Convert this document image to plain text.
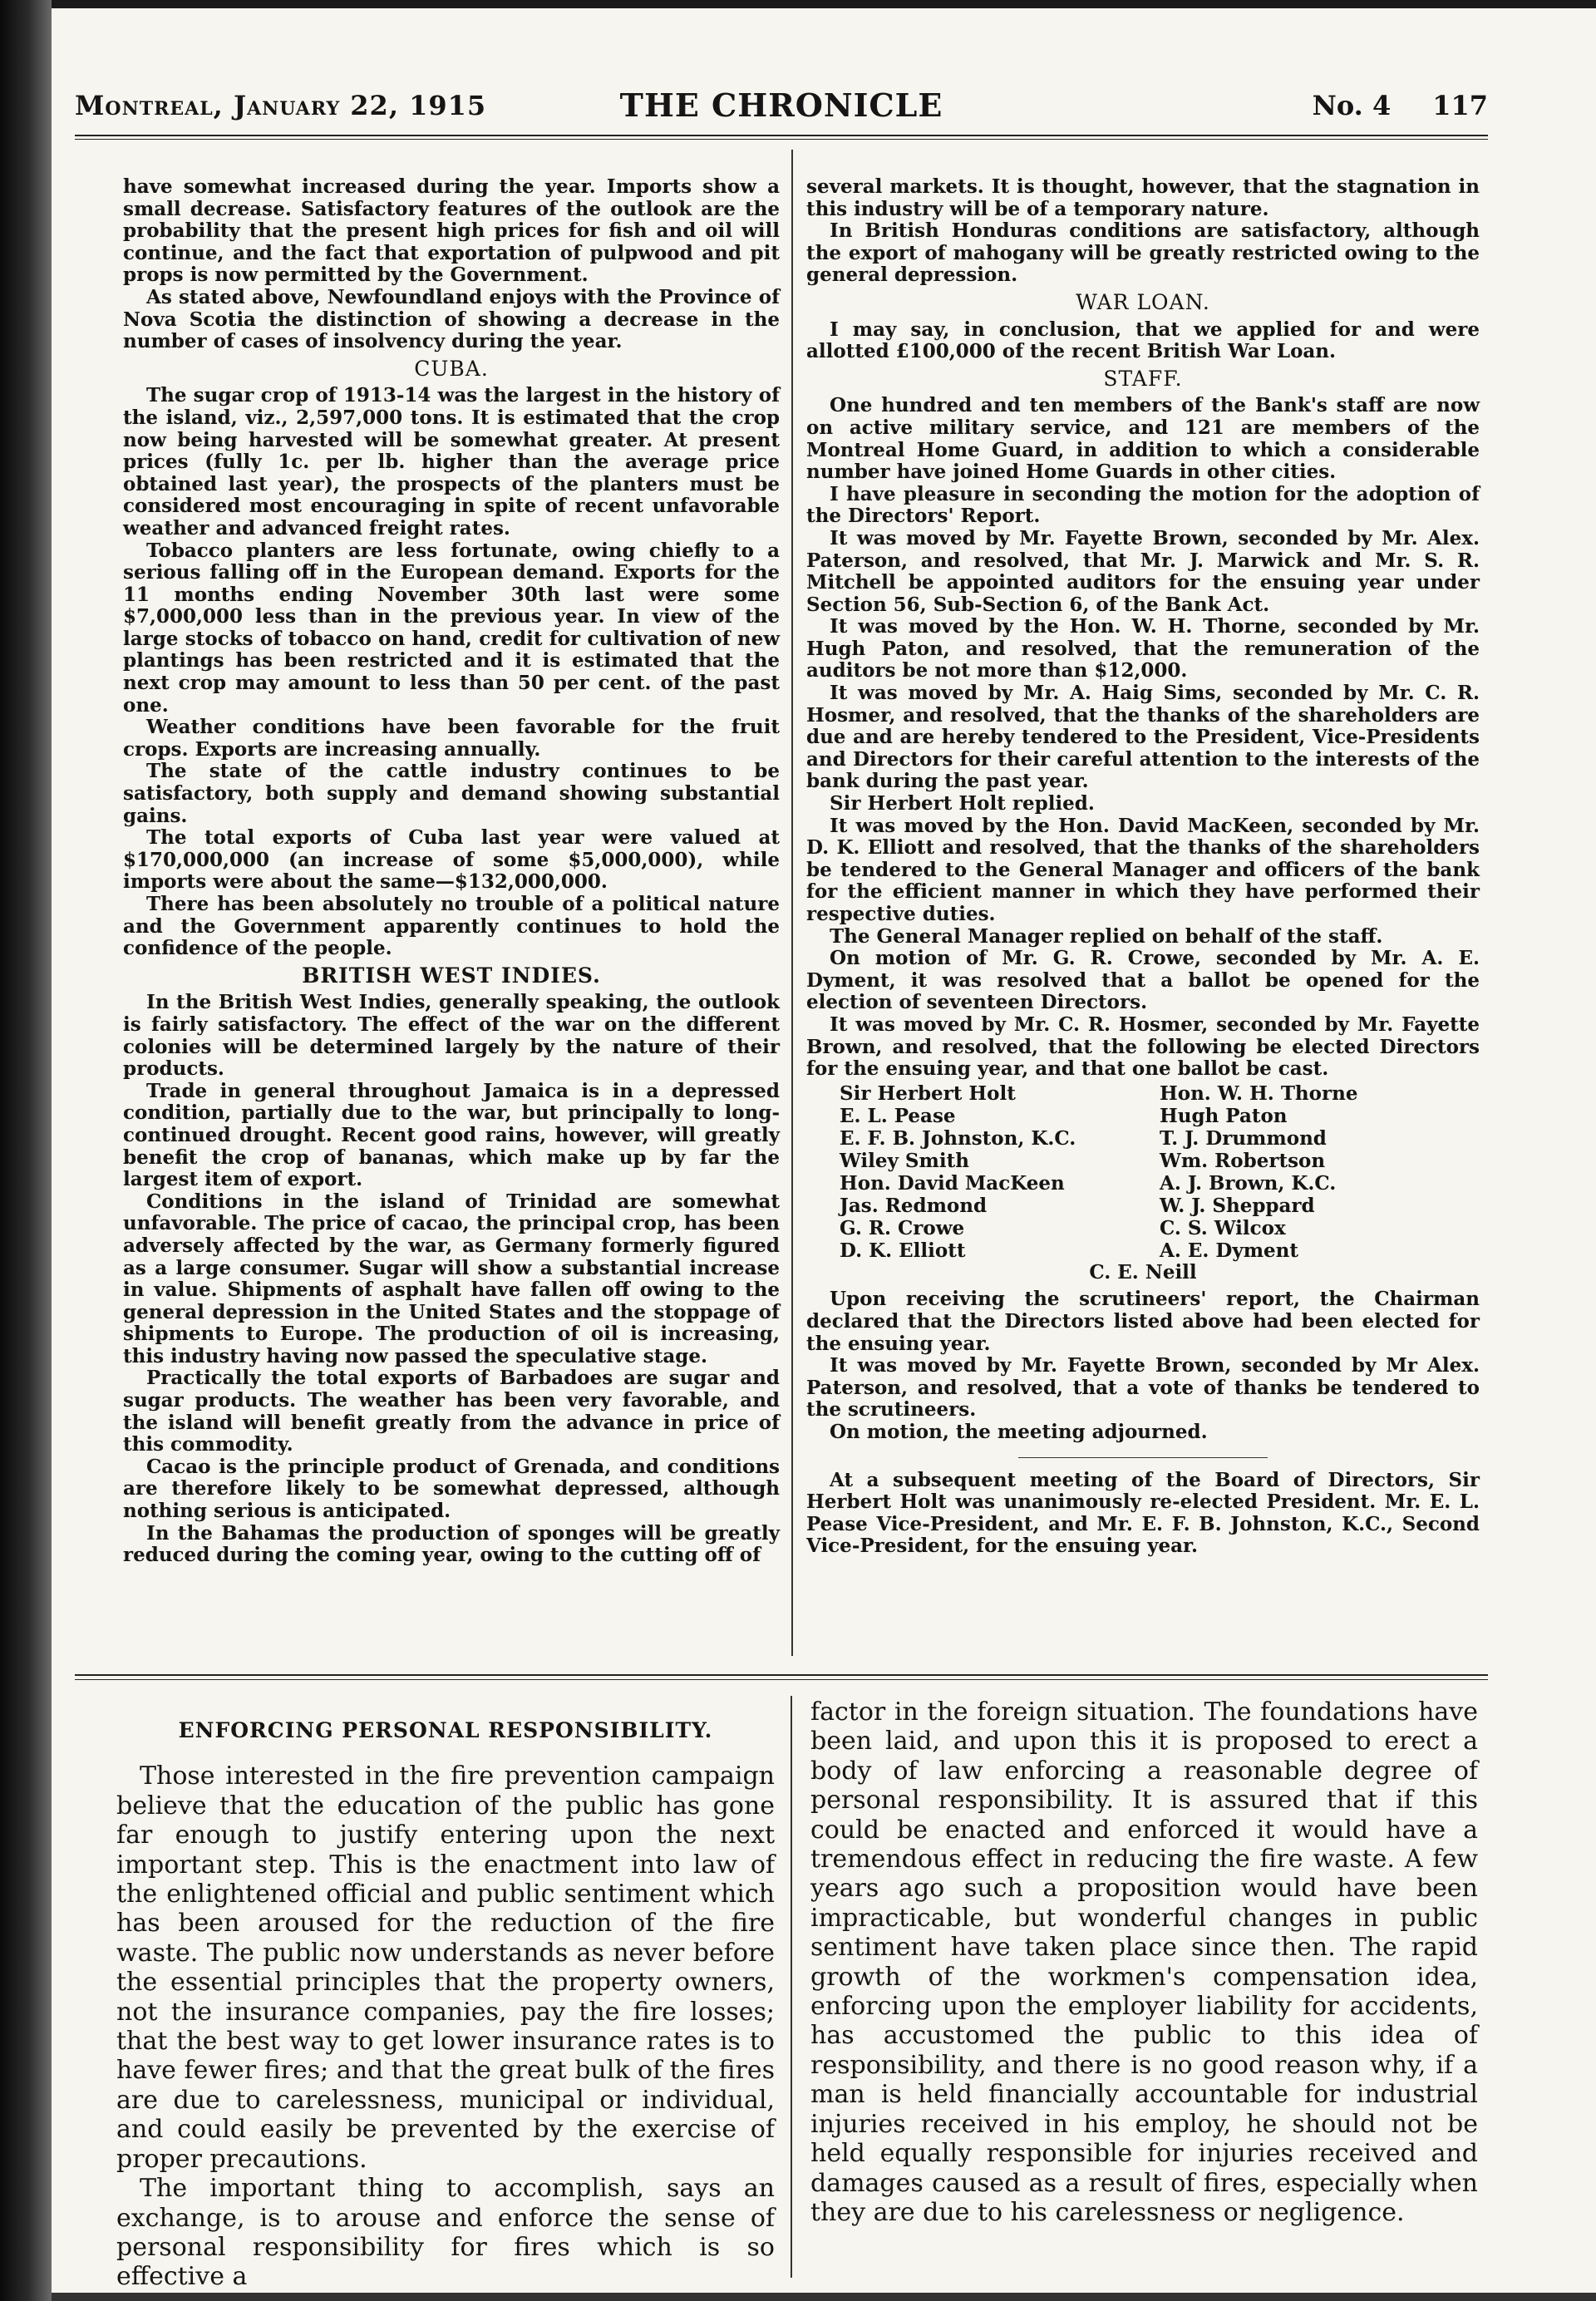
Montreal, January 22, 1915	THE CHRONICLE	No. 4 117

have somewhat increased during the year. Imports show a small decrease. Satisfactory features of the outlook are the probability that the present high prices for fish and oil will continue, and the fact that exportation of pulpwood and pit props is now permitted by the Government.

As stated above, Newfoundland enjoys with the Province of Nova Scotia the distinction of showing a decrease in the number of cases of insolvency during the year.

CUBA.

The sugar crop of 1913-14 was the largest in the history of the island, viz., 2,597,000 tons. It is estimated that the crop now being harvested will be somewhat greater. At present prices (fully 1c. per lb. higher than the average price obtained last year), the prospects of the planters must be considered most encouraging in spite of recent unfavorable weather and advanced freight rates.

Tobacco planters are less fortunate, owing chiefly to a serious falling off in the European demand. Exports for the 11 months ending November 30th last were some $7,000,000 less than in the previous year. In view of the large stocks of tobacco on hand, credit for cultivation of new plantings has been restricted and it is estimated that the next crop may amount to less than 50 per cent. of the past one.

Weather conditions have been favorable for the fruit crops. Exports are increasing annually.

The state of the cattle industry continues to be satisfactory, both supply and demand showing substantial gains.

The total exports of Cuba last year were valued at $170,000,000 (an increase of some $5,000,000), while imports were about the same—$132,000,000.

There has been absolutely no trouble of a political nature and the Government apparently continues to hold the confidence of the people.

BRITISH WEST INDIES.

In the British West Indies, generally speaking, the outlook is fairly satisfactory. The effect of the war on the different colonies will be determined largely by the nature of their products.

Trade in general throughout Jamaica is in a depressed condition, partially due to the war, but principally to long-continued drought. Recent good rains, however, will greatly benefit the crop of bananas, which make up by far the largest item of export.

Conditions in the island of Trinidad are somewhat unfavorable. The price of cacao, the principal crop, has been adversely affected by the war, as Germany formerly figured as a large consumer. Sugar will show a substantial increase in value. Shipments of asphalt have fallen off owing to the general depression in the United States and the stoppage of shipments to Europe. The production of oil is increasing, this industry having now passed the speculative stage.

Practically the total exports of Barbadoes are sugar and sugar products. The weather has been very favorable, and the island will benefit greatly from the advance in price of this commodity.

Cacao is the principle product of Grenada, and conditions are therefore likely to be somewhat depressed, although nothing serious is anticipated.

In the Bahamas the production of sponges will be greatly reduced during the coming year, owing to the cutting off of

several markets. It is thought, however, that the stagnation in this industry will be of a temporary nature.

In British Honduras conditions are satisfactory, although the export of mahogany will be greatly restricted owing to the general depression.

WAR LOAN.

I may say, in conclusion, that we applied for and were allotted £100,000 of the recent British War Loan.

STAFF.

One hundred and ten members of the Bank's staff are now on active military service, and 121 are members of the Montreal Home Guard, in addition to which a considerable number have joined Home Guards in other cities.

I have pleasure in seconding the motion for the adoption of the Directors' Report.

It was moved by Mr. Fayette Brown, seconded by Mr. Alex. Paterson, and resolved, that Mr. J. Marwick and Mr. S. R. Mitchell be appointed auditors for the ensuing year under Section 56, Sub-Section 6, of the Bank Act.

It was moved by the Hon. W. H. Thorne, seconded by Mr. Hugh Paton, and resolved, that the remuneration of the auditors be not more than $12,000.

It was moved by Mr. A. Haig Sims, seconded by Mr. C. R. Hosmer, and resolved, that the thanks of the shareholders are due and are hereby tendered to the President, Vice-Presidents and Directors for their careful attention to the interests of the bank during the past year.

Sir Herbert Holt replied.

It was moved by the Hon. David MacKeen, seconded by Mr. D. K. Elliott and resolved, that the thanks of the shareholders be tendered to the General Manager and officers of the bank for the efficient manner in which they have performed their respective duties.

The General Manager replied on behalf of the staff.

On motion of Mr. G. R. Crowe, seconded by Mr. A. E. Dyment, it was resolved that a ballot be opened for the election of seventeen Directors.

It was moved by Mr. C. R. Hosmer, seconded by Mr. Fayette Brown, and resolved, that the following be elected Directors for the ensuing year, and that one ballot be cast.

Sir Herbert Holt
E. L. Pease
E. F. B. Johnston, K.C.
Wiley Smith
Hon. David MacKeen
Jas. Redmond
G. R. Crowe
D. K. Elliott
Hon. W. H. Thorne
Hugh Paton
T. J. Drummond
Wm. Robertson
A. J. Brown, K.C.
W. J. Sheppard
C. S. Wilcox
A. E. Dyment
C. E. Neill

Upon receiving the scrutineers' report, the Chairman declared that the Directors listed above had been elected for the ensuing year.

It was moved by Mr. Fayette Brown, seconded by Mr Alex. Paterson, and resolved, that a vote of thanks be tendered to the scrutineers.

On motion, the meeting adjourned.

At a subsequent meeting of the Board of Directors, Sir Herbert Holt was unanimously re-elected President. Mr. E. L. Pease Vice-President, and Mr. E. F. B. Johnston, K.C., Second Vice-President, for the ensuing year.

ENFORCING PERSONAL RESPONSIBILITY.

Those interested in the fire prevention campaign believe that the education of the public has gone far enough to justify entering upon the next important step. This is the enactment into law of the enlightened official and public sentiment which has been aroused for the reduction of the fire waste. The public now understands as never before the essential principles that the property owners, not the insurance companies, pay the fire losses; that the best way to get lower insurance rates is to have fewer fires; and that the great bulk of the fires are due to carelessness, municipal or individual, and could easily be prevented by the exercise of proper precautions.

The important thing to accomplish, says an exchange, is to arouse and enforce the sense of personal responsibility for fires which is so effective a

factor in the foreign situation. The foundations have been laid, and upon this it is proposed to erect a body of law enforcing a reasonable degree of personal responsibility. It is assured that if this could be enacted and enforced it would have a tremendous effect in reducing the fire waste. A few years ago such a proposition would have been impracticable, but wonderful changes in public sentiment have taken place since then. The rapid growth of the workmen's compensation idea, enforcing upon the employer liability for accidents, has accustomed the public to this idea of responsibility, and there is no good reason why, if a man is held financially accountable for industrial injuries received in his employ, he should not be held equally responsible for injuries received and damages caused as a result of fires, especially when they are due to his carelessness or negligence.
